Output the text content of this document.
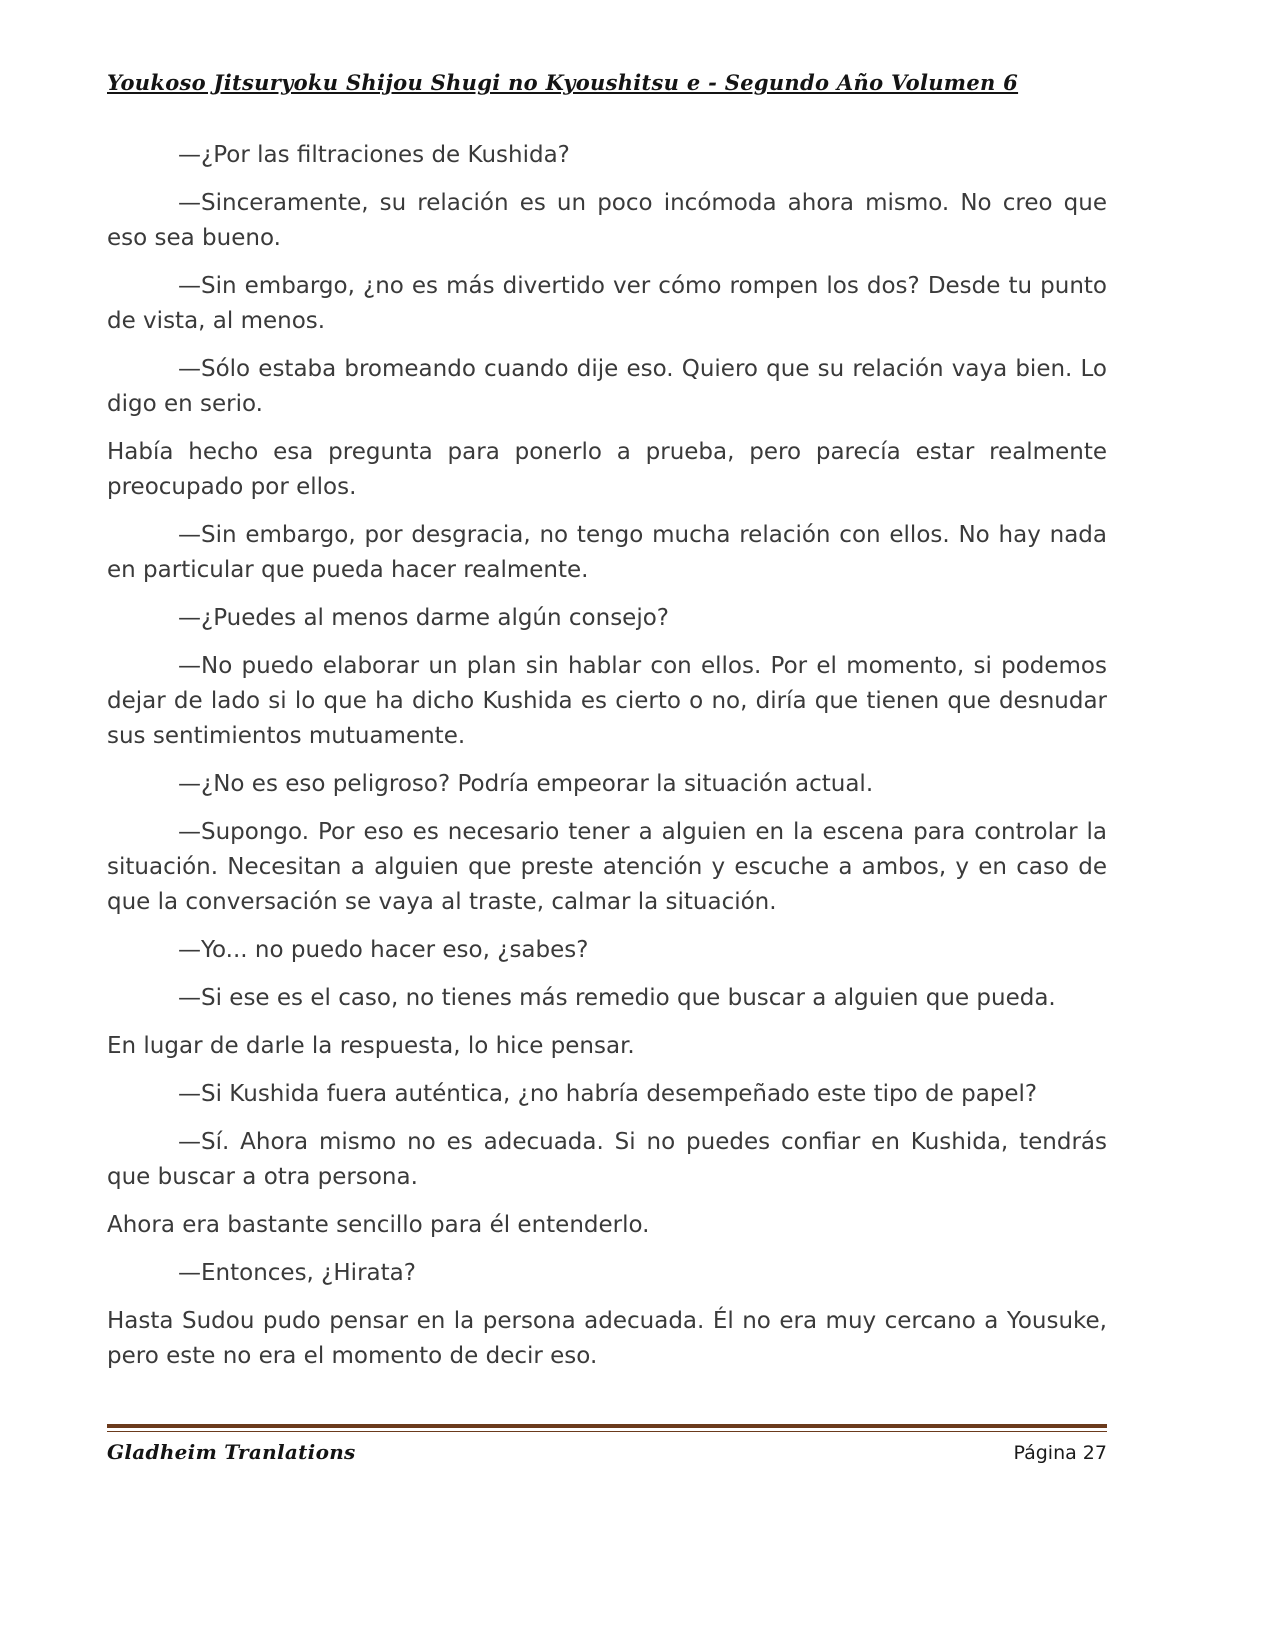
Youkoso Jitsuryoku Shijou Shugi no Kyoushitsu e - Segundo Año Volumen 6

—¿Por las filtraciones de Kushida?

—Sinceramente, su relación es un poco incómoda ahora mismo. No creo que eso sea bueno.

—Sin embargo, ¿no es más divertido ver cómo rompen los dos? Desde tu punto de vista, al menos.

—Sólo estaba bromeando cuando dije eso. Quiero que su relación vaya bien. Lo digo en serio.

Había hecho esa pregunta para ponerlo a prueba, pero parecía estar realmente preocupado por ellos.

—Sin embargo, por desgracia, no tengo mucha relación con ellos. No hay nada en particular que pueda hacer realmente.

—¿Puedes al menos darme algún consejo?

—No puedo elaborar un plan sin hablar con ellos. Por el momento, si podemos dejar de lado si lo que ha dicho Kushida es cierto o no, diría que tienen que desnudar sus sentimientos mutuamente.

—¿No es eso peligroso? Podría empeorar la situación actual.

—Supongo. Por eso es necesario tener a alguien en la escena para controlar la situación. Necesitan a alguien que preste atención y escuche a ambos, y en caso de que la conversación se vaya al traste, calmar la situación.

—Yo... no puedo hacer eso, ¿sabes?

—Si ese es el caso, no tienes más remedio que buscar a alguien que pueda.

En lugar de darle la respuesta, lo hice pensar.

—Si Kushida fuera auténtica, ¿no habría desempeñado este tipo de papel?

—Sí. Ahora mismo no es adecuada. Si no puedes confiar en Kushida, tendrás que buscar a otra persona.

Ahora era bastante sencillo para él entenderlo.

—Entonces, ¿Hirata?

Hasta Sudou pudo pensar en la persona adecuada. Él no era muy cercano a Yousuke, pero este no era el momento de decir eso.

Gladheim Tranlations	Página 27
